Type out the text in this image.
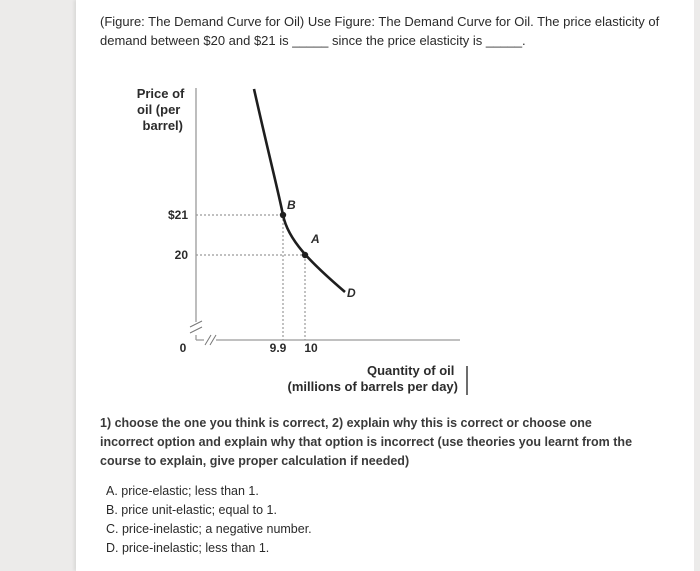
(Figure: The Demand Curve for Oil) Use Figure: The Demand Curve for Oil. The price elasticity of demand between $20 and $21 is _____ since the price elasticity is _____.
Price of oil (per barrel)
0
$21
20
9.9 10
B
A
D
Quantity of oil (millions of barrels per day)
1) choose the one you think is correct, 2) explain why this is correct or choose one incorrect option and explain why that option is incorrect (use theories you learnt from the course to explain, give proper calculation if needed)
A. price-elastic; less than 1.
B. price unit-elastic; equal to 1.
C. price-inelastic; a negative number.
D. price-inelastic; less than 1.
